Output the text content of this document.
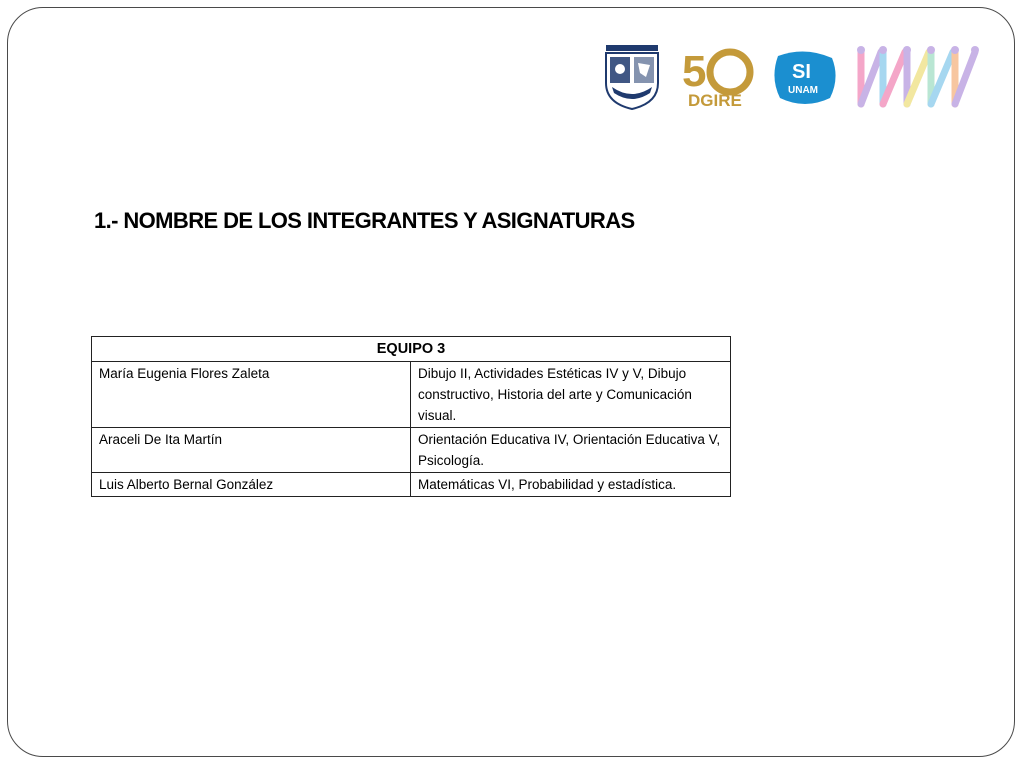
5
DGIRE
SI
UNAM
1.- NOMBRE DE LOS INTEGRANTES Y ASIGNATURAS
EQUIPO 3	
María Eugenia Flores Zaleta	Dibujo II, Actividades Estéticas IV y V, Dibujo constructivo, Historia del arte y Comunicación visual.
Araceli De Ita Martín	Orientación Educativa IV, Orientación Educativa V, Psicología.
Luis Alberto Bernal González	Matemáticas VI, Probabilidad y estadística.
